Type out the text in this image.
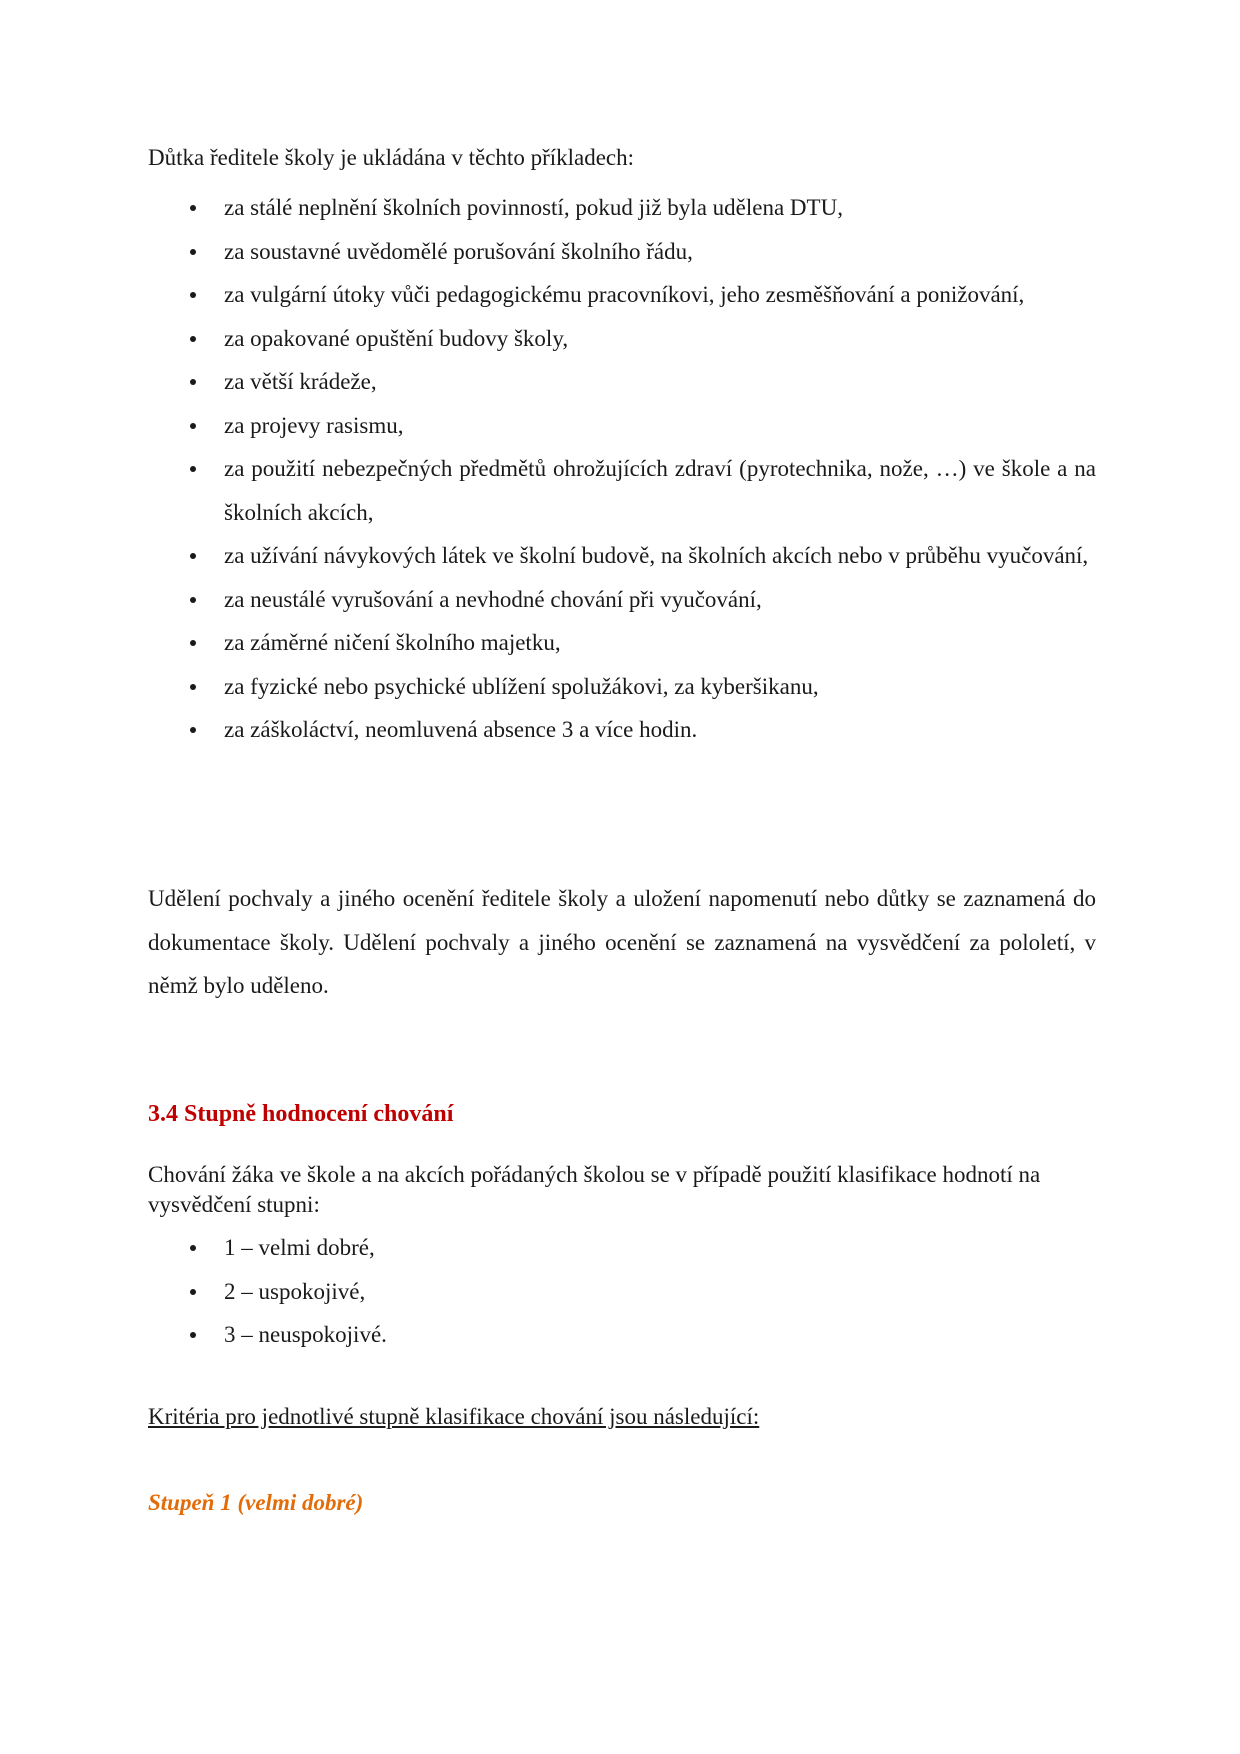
Důtka ředitele školy je ukládána v těchto příkladech:
za stálé neplnění školních povinností, pokud již byla udělena DTU,
za soustavné uvědomělé porušování školního řádu,
za vulgární útoky vůči pedagogickému pracovníkovi, jeho zesměšňování a ponižování,
za opakované opuštění budovy školy,
za větší krádeže,
za projevy rasismu,
za použití nebezpečných předmětů ohrožujících zdraví (pyrotechnika, nože, …) ve škole a na školních akcích,
za užívání návykových látek ve školní budově, na školních akcích nebo v průběhu vyučování,
za neustálé vyrušování a nevhodné chování při vyučování,
za záměrné ničení školního majetku,
za fyzické nebo psychické ublížení spolužákovi, za kyberšikanu,
za záškoláctví, neomluvená absence 3 a více hodin.
Udělení pochvaly a jiného ocenění ředitele školy a uložení napomenutí nebo důtky se zaznamená do dokumentace školy. Udělení pochvaly a jiného ocenění se zaznamená na vysvědčení za pololetí, v němž bylo uděleno.
3.4 Stupně hodnocení chování
Chování žáka ve škole a na akcích pořádaných školou se v případě použití klasifikace hodnotí na vysvědčení stupni:
1 – velmi dobré,
2 – uspokojivé,
3 – neuspokojivé.
Kritéria pro jednotlivé stupně klasifikace chování jsou následující:
Stupeň 1 (velmi dobré)
